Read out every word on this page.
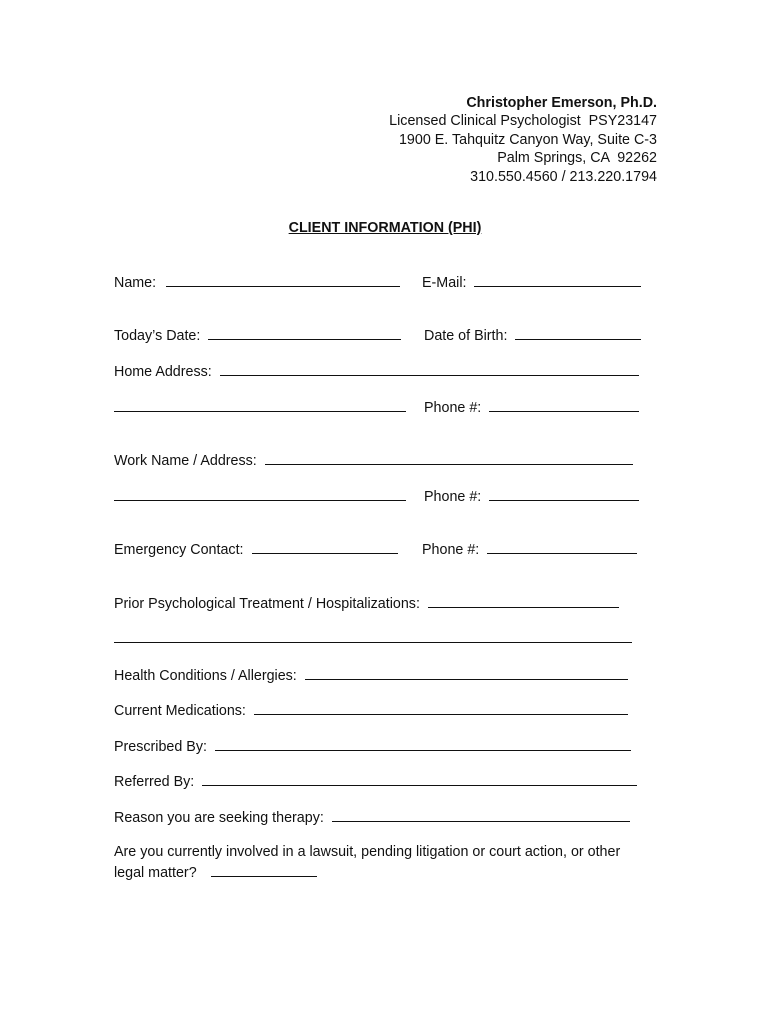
Christopher Emerson, Ph.D.
Licensed Clinical Psychologist  PSY23147
1900 E. Tahquitz Canyon Way, Suite C-3
Palm Springs, CA  92262
310.550.4560 / 213.220.1794
CLIENT INFORMATION (PHI)
Name:	E-Mail:
Today’s Date:	Date of Birth:
Home Address:
Phone #:
Work Name / Address:
Phone #:
Emergency Contact:	Phone #:
Prior Psychological Treatment / Hospitalizations:
Health Conditions / Allergies:
Current Medications:
Prescribed By:
Referred By:
Reason you are seeking therapy:
Are you currently involved in a lawsuit, pending litigation or court action, or other legal matter?
